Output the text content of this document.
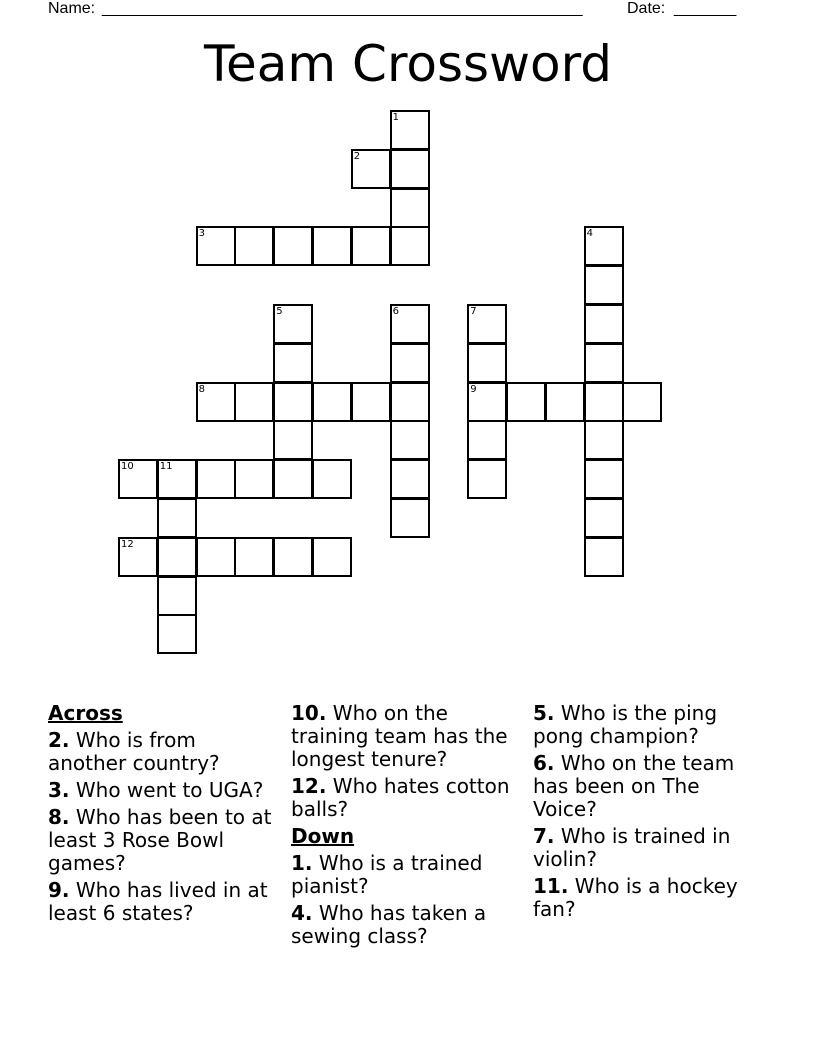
Name: ______________________________________________________	Date: _______
Team Crossword
1
2
3	4
5	6	7
8	9
10	11
12
Across
2. Who is from another country?
3. Who went to UGA?
8. Who has been to at least 3 Rose Bowl games?
9. Who has lived in at least 6 states?
10. Who on the training team has the longest tenure?
12. Who hates cotton balls?
Down
1. Who is a trained pianist?
4. Who has taken a sewing class?
5. Who is the ping pong champion?
6. Who on the team has been on The Voice?
7. Who is trained in violin?
11. Who is a hockey fan?
